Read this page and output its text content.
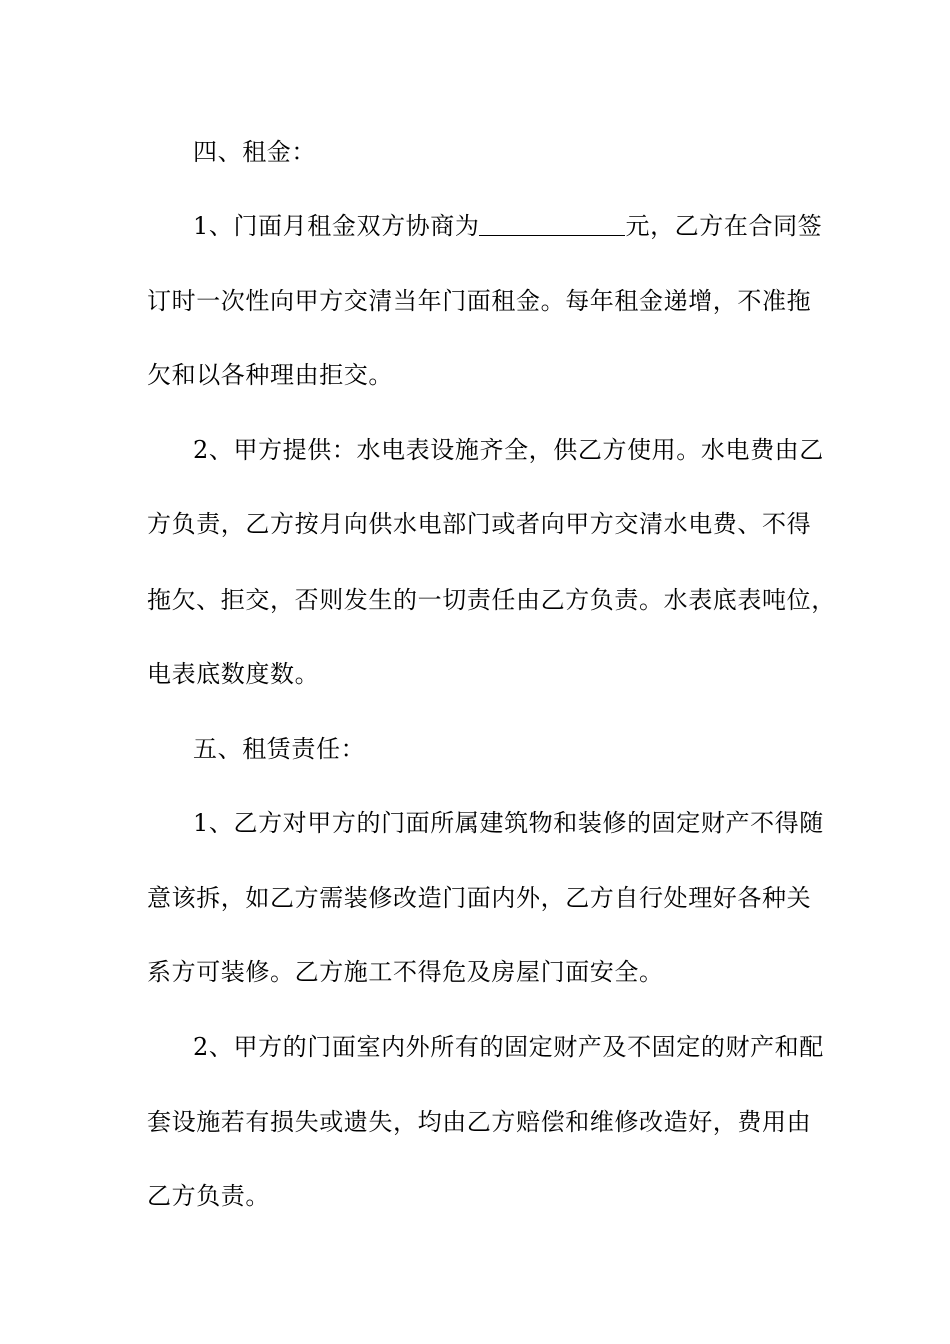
四、租金：
1、门面月租金双方协商为	元，乙方在合同签
订时一次性向甲方交清当年门面租金。每年租金递增，不准拖
欠和以各种理由拒交。
2、甲方提供：水电表设施齐全，供乙方使用。水电费由乙
方负责，乙方按月向供水电部门或者向甲方交清水电费、不得
拖欠、拒交，否则发生的一切责任由乙方负责。水表底表吨位，
电表底数度数。
五、租赁责任：
1、乙方对甲方的门面所属建筑物和装修的固定财产不得随
意该拆，如乙方需装修改造门面内外，乙方自行处理好各种关
系方可装修。乙方施工不得危及房屋门面安全。
2、甲方的门面室内外所有的固定财产及不固定的财产和配
套设施若有损失或遗失，均由乙方赔偿和维修改造好，费用由
乙方负责。
